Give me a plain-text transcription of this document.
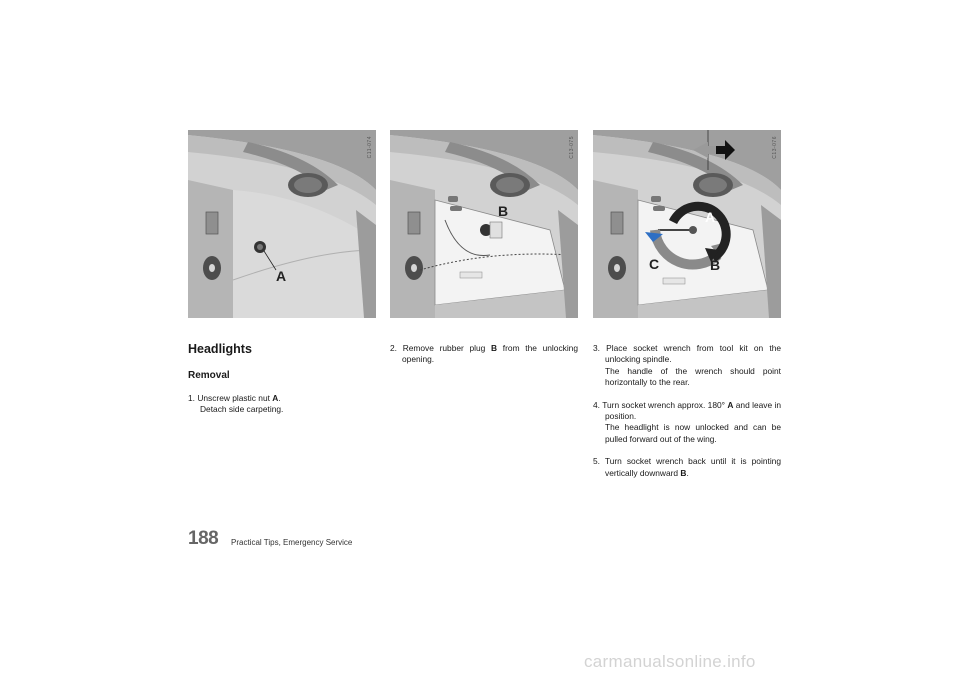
C11-074
A
C13-075
B
C13-076
A
C	B
Headlights
Removal

1. Unscrew plastic nut A.
Detach side carpeting.

2. Remove rubber plug B from the unlocking opening.

3. Place socket wrench from tool kit on the unlocking spindle.
The handle of the wrench should point horizontally to the rear.

4. Turn socket wrench approx. 180° A and leave in position.
The headlight is now unlocked and can be pulled forward out of the wing.

5. Turn socket wrench back until it is pointing vertically downward B.

188 Practical Tips, Emergency Service
carmanualsonline.info
